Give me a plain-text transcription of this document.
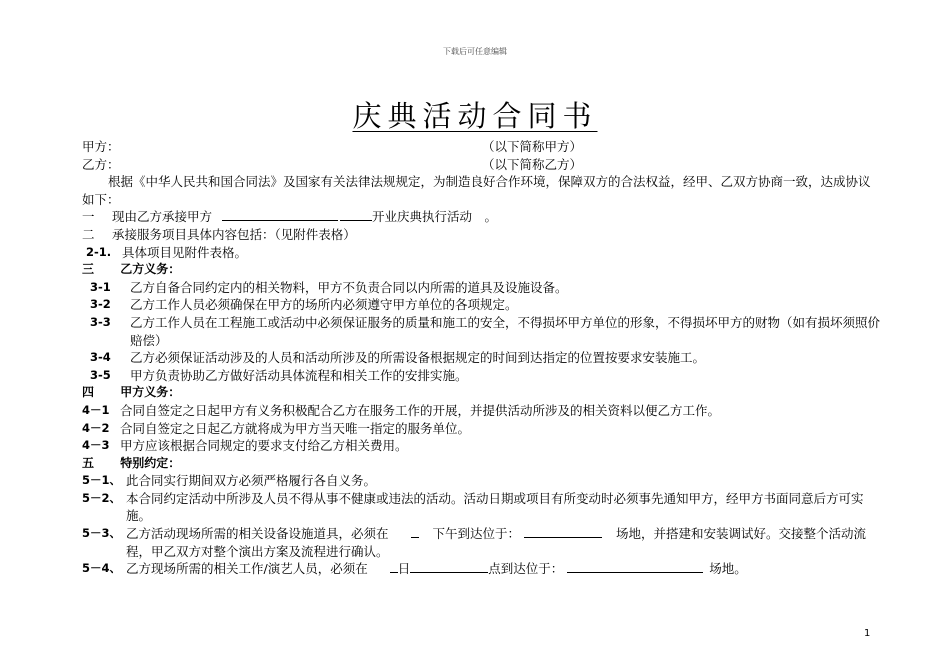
下载后可任意编辑
庆典活动合同书
甲方：	（以下简称甲方）
乙方：	（以下简称乙方）
根据《中华人民共和国合同法》及国家有关法律法规规定，为制造良好合作环境，保障双方的合法权益，经甲、乙双方协商一致，达成协议如下：
一 现由乙方承接甲方	开业庆典执行活动　。
二 承接服务项目具体内容包括：（见附件表格）
2-1. 具体项目见附件表格。
三 乙方义务：
3-1	乙方自备合同约定内的相关物料，甲方不负责合同以内所需的道具及设施设备。
3-2	乙方工作人员必须确保在甲方的场所内必须遵守甲方单位的各项规定。
3-3	乙方工作人员在工程施工或活动中必须保证服务的质量和施工的安全，不得损坏甲方单位的形象，不得损坏甲方的财物（如有损坏须照价赔偿）
3-4	乙方必须保证活动涉及的人员和活动所涉及的所需设备根据规定的时间到达指定的位置按要求安装施工。
3-5	甲方负责协助乙方做好活动具体流程和相关工作的安排实施。
四 甲方义务：
4－1 合同自签定之日起甲方有义务积极配合乙方在服务工作的开展，并提供活动所涉及的相关资料以便乙方工作。
4－2 合同自签定之日起乙方就将成为甲方当天唯一指定的服务单位。
4－3 甲方应该根据合同规定的要求支付给乙方相关费用。
五 特别约定：
5－1、 此合同实行期间双方必须严格履行各自义务。
5－2、 本合同约定活动中所涉及人员不得从事不健康或违法的活动。活动日期或项目有所变动时必须事先通知甲方，经甲方书面同意后方可实施。
5－3、 乙方活动现场所需的相关设备设施道具，必须在	下午到达位于：	场地，并搭建和安装调试好。交接整个活动流程，甲乙双方对整个演出方案及流程进行确认。
5－4、 乙方现场所需的相关工作/演艺人员，必须在 日	点到达位于：	场地。
1
